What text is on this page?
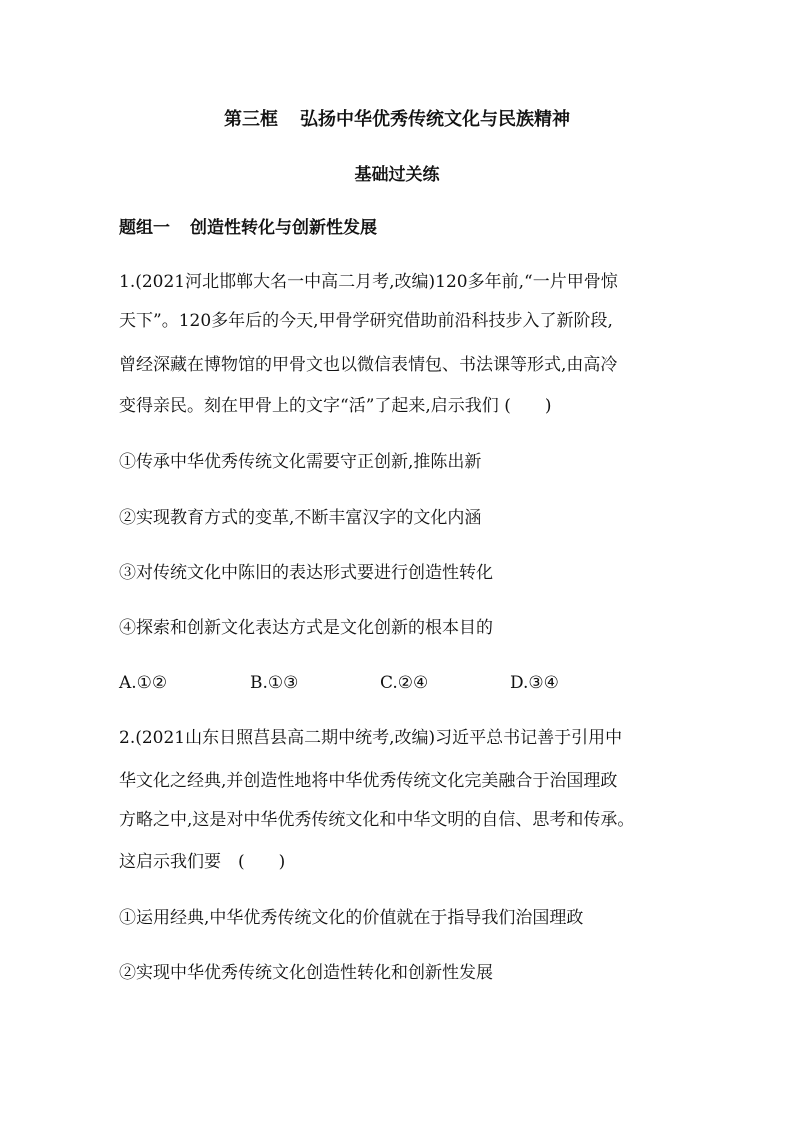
第三框 弘扬中华优秀传统文化与民族精神
基础过关练
题组一 创造性转化与创新性发展
1.(2021河北邯郸大名一中高二月考,改编)120多年前,“一片甲骨惊
天下”。120多年后的今天,甲骨学研究借助前沿科技步入了新阶段,
曾经深藏在博物馆的甲骨文也以微信表情包、书法课等形式,由高冷
变得亲民。刻在甲骨上的文字“活”了起来,启示我们 (　　)
①传承中华优秀传统文化需要守正创新,推陈出新
②实现教育方式的变革,不断丰富汉字的文化内涵
③对传统文化中陈旧的表达形式要进行创造性转化
④探索和创新文化表达方式是文化创新的根本目的
A.①②	B.①③	C.②④	D.③④
2.(2021山东日照莒县高二期中统考,改编)习近平总书记善于引用中
华文化之经典,并创造性地将中华优秀传统文化完美融合于治国理政
方略之中,这是对中华优秀传统文化和中华文明的自信、思考和传承。
这启示我们要　(　　)
①运用经典,中华优秀传统文化的价值就在于指导我们治国理政
②实现中华优秀传统文化创造性转化和创新性发展
